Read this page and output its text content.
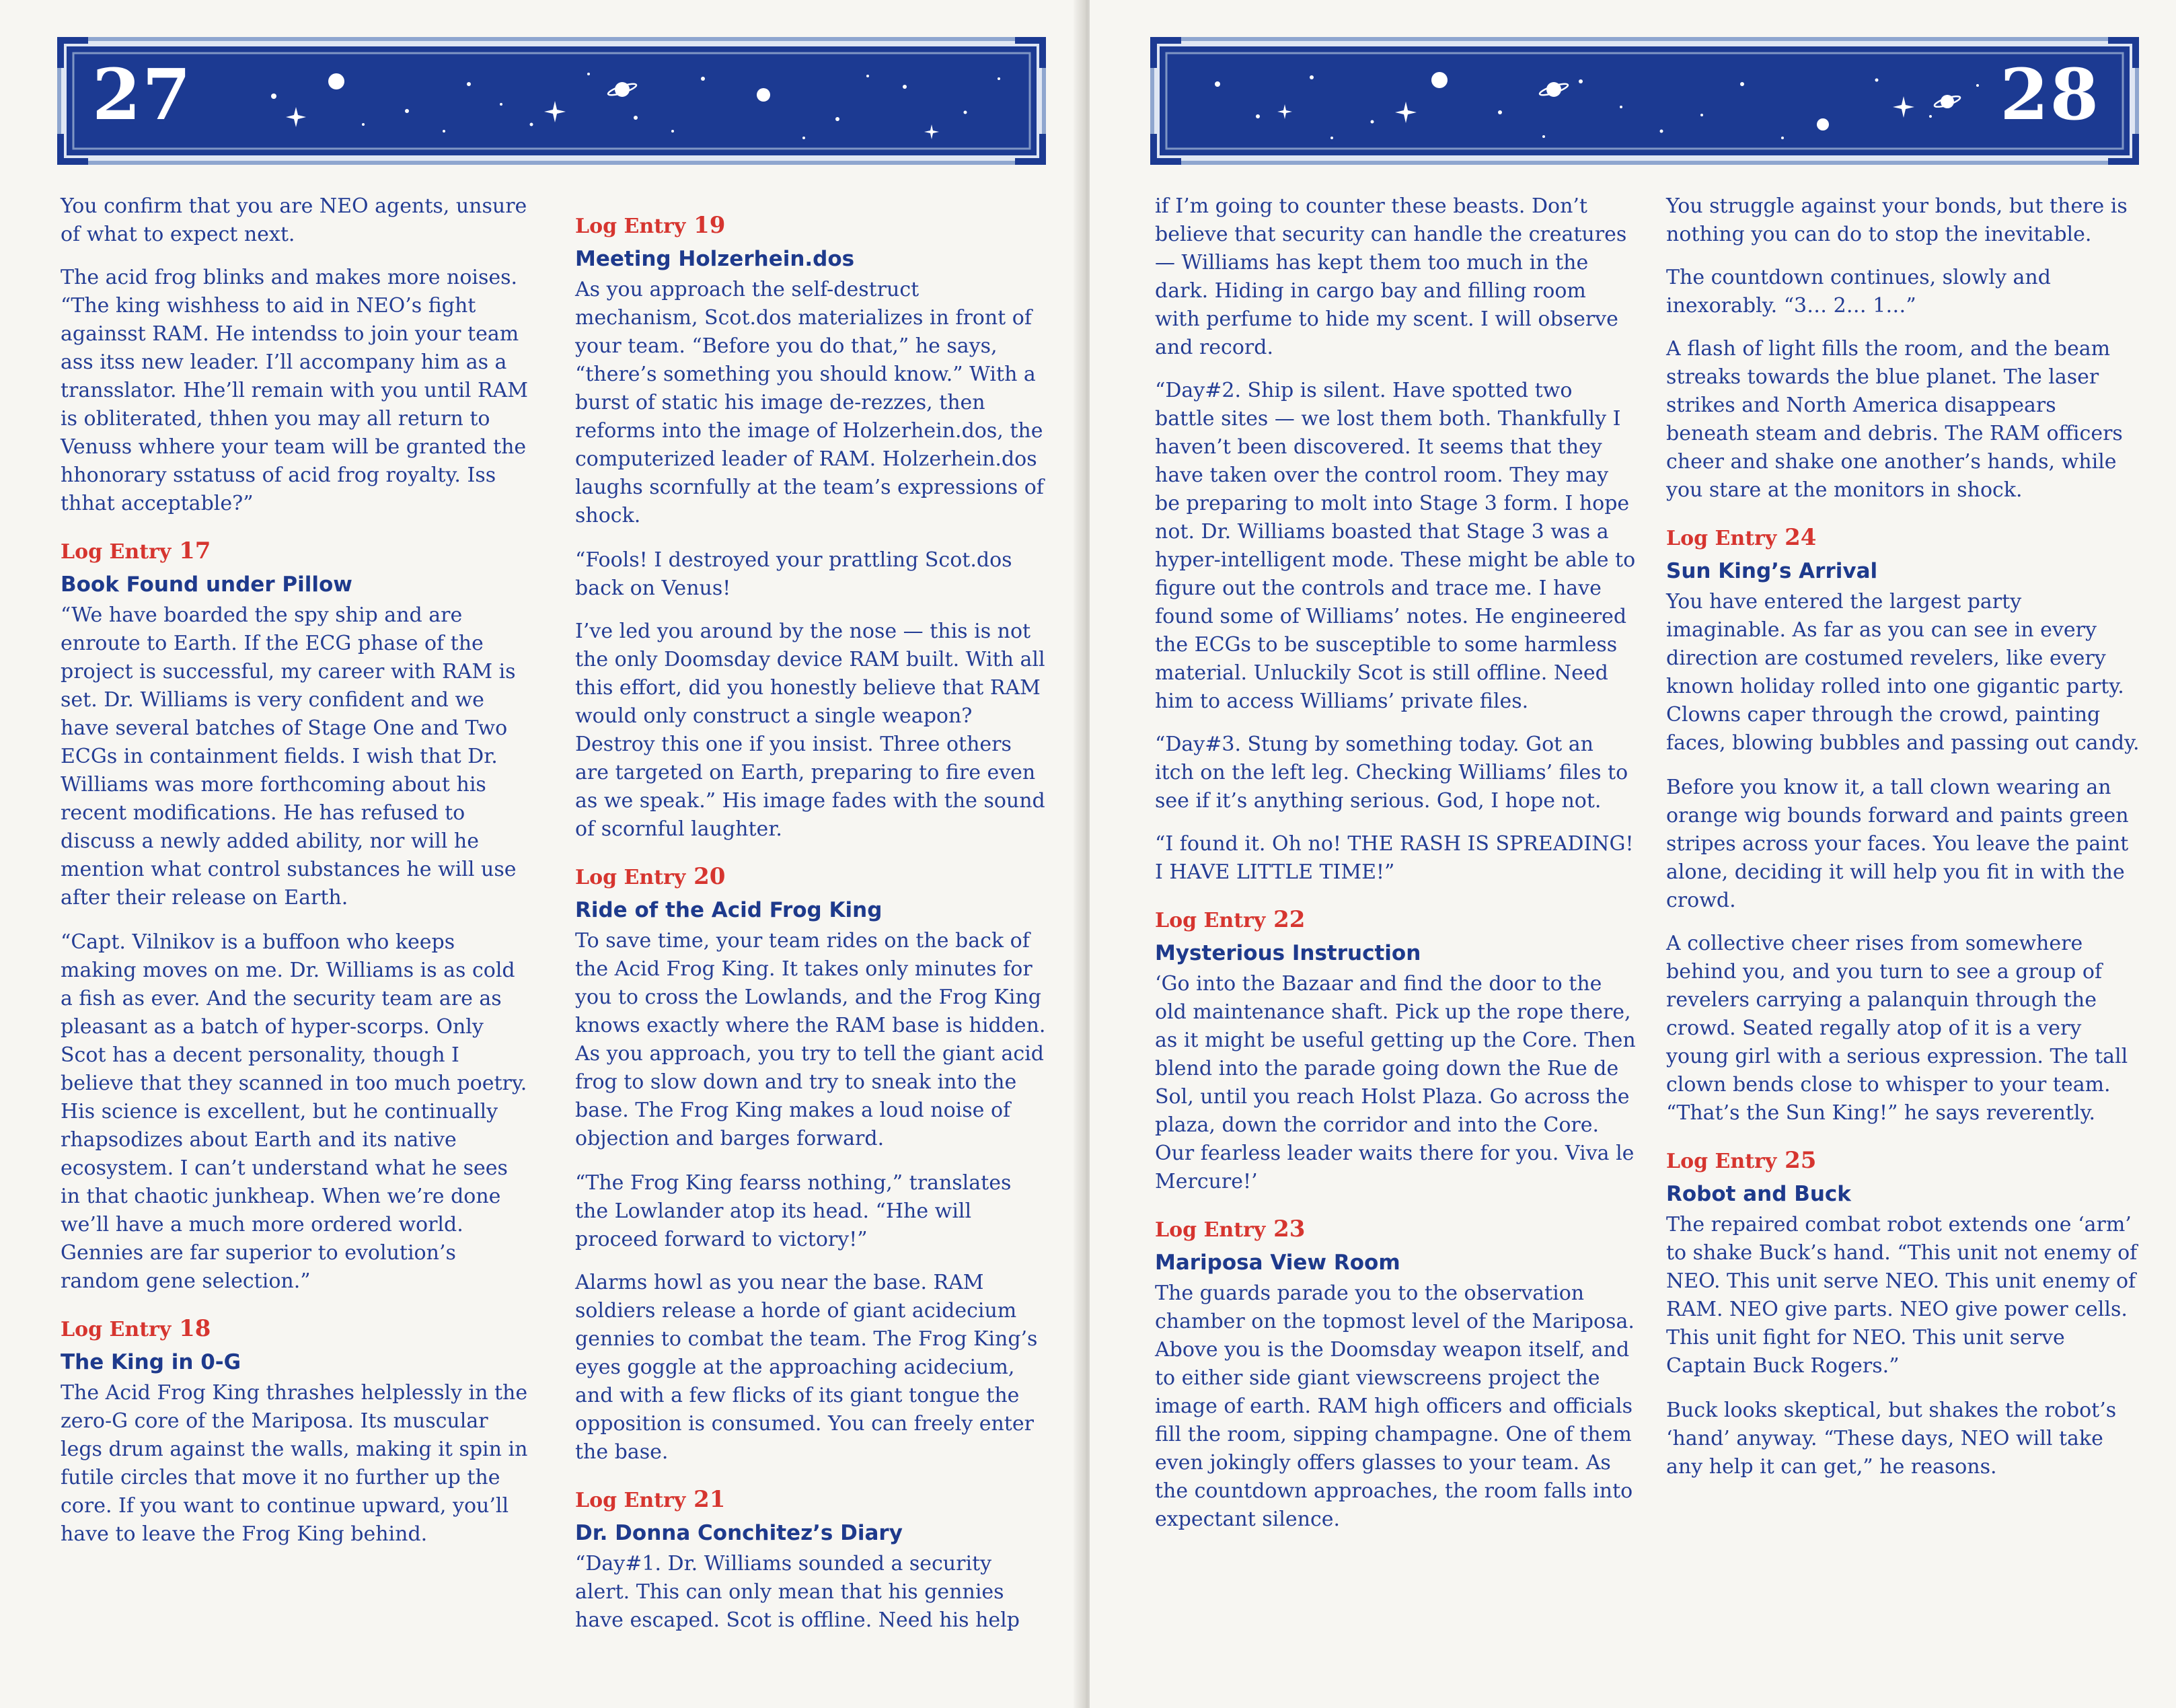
27

You confirm that you are NEO agents, unsure of what to expect next.

The acid frog blinks and makes more noises. “The king wishhess to aid in NEO’s fight againsst RAM. He intendss to join your team ass itss new leader. I’ll accompany him as a transslator. Hhe’ll remain with you until RAM is obliterated, thhen you may all return to Venuss whhere your team will be granted the hhonorary sstatuss of acid frog royalty. Iss thhat acceptable?”

Log Entry 17
Book Found under Pillow
“We have boarded the spy ship and are enroute to Earth. If the ECG phase of the project is successful, my career with RAM is set. Dr. Williams is very confident and we have several batches of Stage One and Two ECGs in containment fields. I wish that Dr. Williams was more forthcoming about his recent modifications. He has refused to discuss a newly added ability, nor will he mention what control substances he will use after their release on Earth.

“Capt. Vilnikov is a buffoon who keeps making moves on me. Dr. Williams is as cold a fish as ever. And the security team are as pleasant as a batch of hyper-scorps. Only Scot has a decent personality, though I believe that they scanned in too much poetry. His science is excellent, but he continually rhapsodizes about Earth and its native ecosystem. I can’t understand what he sees in that chaotic junkheap. When we’re done we’ll have a much more ordered world. Gennies are far superior to evolution’s random gene selection.”

Log Entry 18
The King in 0-G
The Acid Frog King thrashes helplessly in the zero-G core of the Mariposa. Its muscular legs drum against the walls, making it spin in futile circles that move it no further up the core. If you want to continue upward, you’ll have to leave the Frog King behind.
Log Entry 19
Meeting Holzerhein.dos
As you approach the self-destruct mechanism, Scot.dos materializes in front of your team. “Before you do that,” he says, “there’s something you should know.” With a burst of static his image de-rezzes, then reforms into the image of Holzerhein.dos, the computerized leader of RAM. Holzerhein.dos laughs scornfully at the team’s expressions of shock.

“Fools! I destroyed your prattling Scot.dos back on Venus!

I’ve led you around by the nose — this is not the only Doomsday device RAM built. With all this effort, did you honestly believe that RAM would only construct a single weapon? Destroy this one if you insist. Three others are targeted on Earth, preparing to fire even as we speak.” His image fades with the sound of scornful laughter.

Log Entry 20
Ride of the Acid Frog King
To save time, your team rides on the back of the Acid Frog King. It takes only minutes for you to cross the Lowlands, and the Frog King knows exactly where the RAM base is hidden. As you approach, you try to tell the giant acid frog to slow down and try to sneak into the base. The Frog King makes a loud noise of objection and barges forward.

“The Frog King fearss nothing,” translates the Lowlander atop its head. “Hhe will proceed forward to victory!”

Alarms howl as you near the base. RAM soldiers release a horde of giant acidecium gennies to combat the team. The Frog King’s eyes goggle at the approaching acidecium, and with a few flicks of its giant tongue the opposition is consumed. You can freely enter the base.

Log Entry 21
Dr. Donna Conchitez’s Diary
“Day#1. Dr. Williams sounded a security alert. This can only mean that his gennies have escaped. Scot is offline. Need his help
28

if I’m going to counter these beasts. Don’t believe that security can handle the creatures — Williams has kept them too much in the dark. Hiding in cargo bay and filling room with perfume to hide my scent. I will observe and record.

“Day#2. Ship is silent. Have spotted two battle sites — we lost them both. Thankfully I haven’t been discovered. It seems that they have taken over the control room. They may be preparing to molt into Stage 3 form. I hope not. Dr. Williams boasted that Stage 3 was a hyper-intelligent mode. These might be able to figure out the controls and trace me. I have found some of Williams’ notes. He engineered the ECGs to be susceptible to some harmless material. Unluckily Scot is still offline. Need him to access Williams’ private files.

“Day#3. Stung by something today. Got an itch on the left leg. Checking Williams’ files to see if it’s anything serious. God, I hope not.

“I found it. Oh no! THE RASH IS SPREADING! I HAVE LITTLE TIME!”

Log Entry 22
Mysterious Instruction
‘Go into the Bazaar and find the door to the old maintenance shaft. Pick up the rope there, as it might be useful getting up the Core. Then blend into the parade going down the Rue de Sol, until you reach Holst Plaza. Go across the plaza, down the corridor and into the Core. Our fearless leader waits there for you. Viva le Mercure!’
Log Entry 23
Mariposa View Room
The guards parade you to the observation chamber on the topmost level of the Mariposa. Above you is the Doomsday weapon itself, and to either side giant viewscreens project the image of earth. RAM high officers and officials fill the room, sipping champagne. One of them even jokingly offers glasses to your team. As the countdown approaches, the room falls into expectant silence.

You struggle against your bonds, but there is nothing you can do to stop the inevitable.

The countdown continues, slowly and inexorably. “3… 2… 1…”

A flash of light fills the room, and the beam streaks towards the blue planet. The laser strikes and North America disappears beneath steam and debris. The RAM officers cheer and shake one another’s hands, while you stare at the monitors in shock.

Log Entry 24
Sun King’s Arrival
You have entered the largest party imaginable. As far as you can see in every direction are costumed revelers, like every known holiday rolled into one gigantic party. Clowns caper through the crowd, painting faces, blowing bubbles and passing out candy.

Before you know it, a tall clown wearing an orange wig bounds forward and paints green stripes across your faces. You leave the paint alone, deciding it will help you fit in with the crowd.

A collective cheer rises from somewhere behind you, and you turn to see a group of revelers carrying a palanquin through the crowd. Seated regally atop of it is a very young girl with a serious expression. The tall clown bends close to whisper to your team. “That’s the Sun King!” he says reverently.

Log Entry 25
Robot and Buck
The repaired combat robot extends one ‘arm’ to shake Buck’s hand. “This unit not enemy of NEO. This unit serve NEO. This unit enemy of RAM. NEO give parts. NEO give power cells. This unit fight for NEO. This unit serve Captain Buck Rogers.”

Buck looks skeptical, but shakes the robot’s ‘hand’ anyway. “These days, NEO will take any help it can get,” he reasons.
